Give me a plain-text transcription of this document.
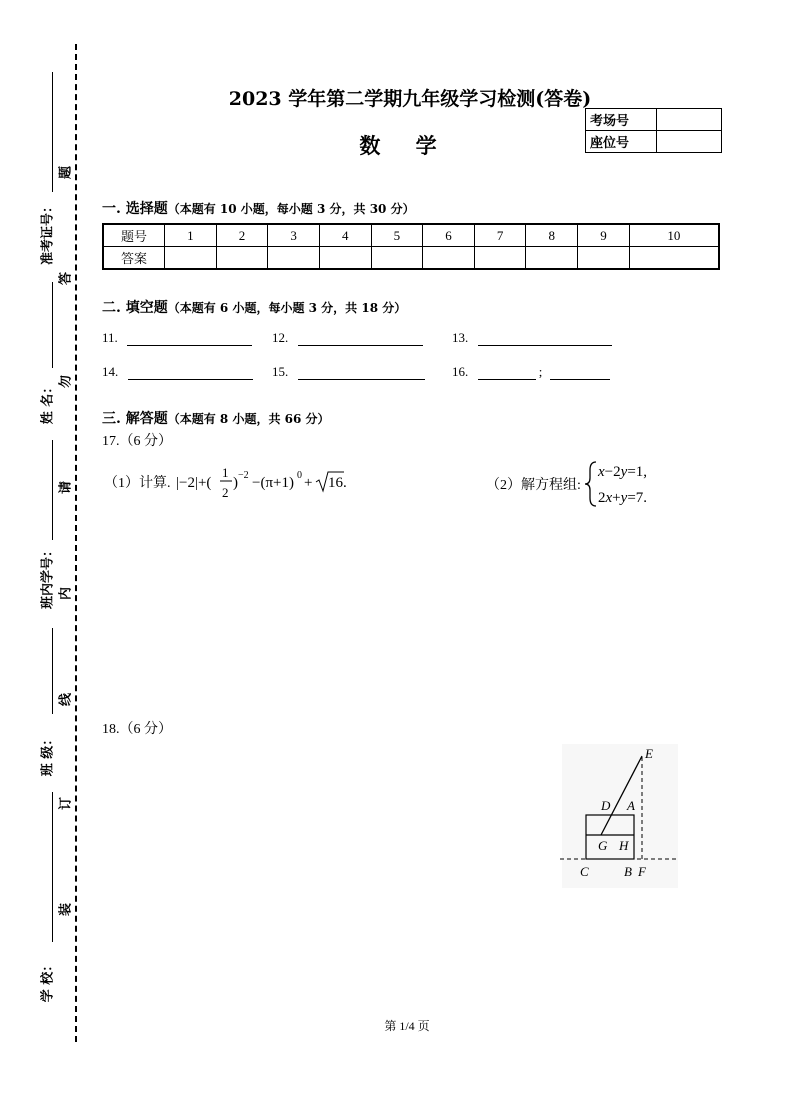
准考证号：
姓 名：
班内学号：
班 级：
学 校：
题
答
勿
请
内
线
订
装
2023 学年第二学期九年级学习检测(答卷)
数 学
考场号	
座位号	
一. 选择题（本题有 10 小题，每小题 3 分，共 30 分）
题号	1	2	3	4	5	6	7	8	9	10
答案										
二. 填空题（本题有 6 小题，每小题 3 分，共 18 分）
11.	12.	13.
14.	15.	16.	;
三. 解答题（本题有 8 小题，共 66 分）
17.（6 分）
（1）计算. |−2|+(
1
2
) −2 −(π+1) 0 + 16.	（2）解方程组:
x−2y=1,
2x+y=7.
18.（6 分）
E
D A
G H
C	B F
第 1/4 页
